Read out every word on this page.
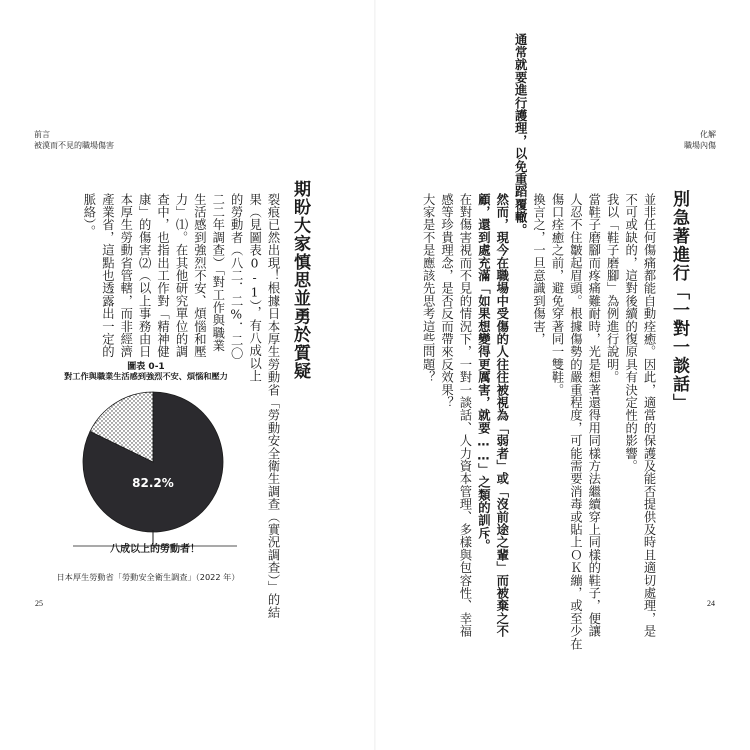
前言
被漠而不見的職場傷害
期盼大家慎思並勇於質疑
裂痕已然出現！根據日本厚生勞動省「勞動安全衛生調查（實況調查）」的結
果（見圖表0-1），有八成以上
的勞動者（八二．二%．二〇
二二年調查）「對工作與職業
生活感到強烈不安、煩惱和壓
力」⑴。在其他研究單位的調
查中，也指出工作對「精神健
康」的傷害⑵（以上事務由日
本厚生勞動省管轄，而非經濟
產業省，這點也透露出一定的
脈絡）。
82.2%
圖表 0-1
對工作與職業生活感到強烈不安、煩惱和壓力
八成以上的勞動者！
日本厚生勞動省「勞動安全衛生調查」（2022 年）
25
化解
職場內傷
別急著進行「一對一談話」
並非任何傷痛都能自動痊癒。因此，適當的保護及能否提供及時且適切處理，是
不可或缺的，這對後續的復原具有決定性的影響。
我以「鞋子磨腳」為例進行說明。
當鞋子磨腳而疼痛難耐時，光是想著還得用同樣方法繼續穿上同樣的鞋子，便讓
人忍不住皺起眉頭。根據傷勢的嚴重程度，可能需要消毒或貼上ＯＫ繃，或至少在
傷口痊癒之前，避免穿著同一雙鞋。
換言之，一旦意識到傷害，
通常就要進行護理，以免重蹈覆轍。
然而，現今在職場中受傷的人往往被視為「弱者」或「沒前途之輩」而被棄之不
顧，還到處充滿「如果想變得更厲害，就要……」之類的訓斥。
在對傷害視而不見的情況下，一對一談話、人力資本管理、多樣與包容性、幸福
感等珍貴理念，是否反而帶來反效果？
大家是不是應該先思考這些問題？
24
